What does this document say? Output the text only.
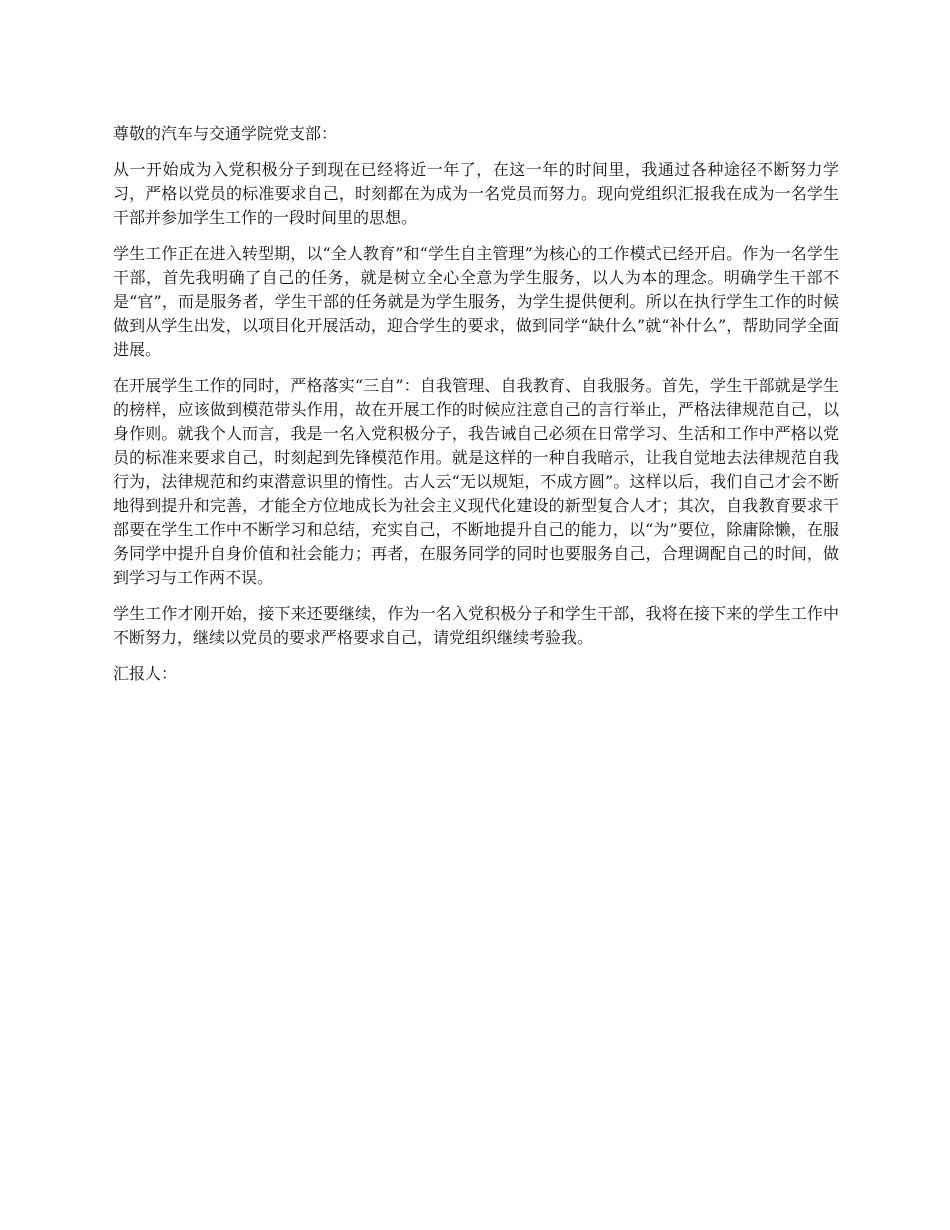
尊敬的汽车与交通学院党支部：

从一开始成为入党积极分子到现在已经将近一年了，在这一年的时间里，我通过各种途径不断努力学习，严格以党员的标准要求自己，时刻都在为成为一名党员而努力。现向党组织汇报我在成为一名学生干部并参加学生工作的一段时间里的思想。

学生工作正在进入转型期，以“全人教育”和“学生自主管理”为核心的工作模式已经开启。作为一名学生干部，首先我明确了自己的任务，就是树立全心全意为学生服务，以人为本的理念。明确学生干部不是“官”，而是服务者，学生干部的任务就是为学生服务，为学生提供便利。所以在执行学生工作的时候做到从学生出发，以项目化开展活动，迎合学生的要求，做到同学“缺什么”就“补什么”，帮助同学全面进展。

在开展学生工作的同时，严格落实“三自”：自我管理、自我教育、自我服务。首先，学生干部就是学生的榜样，应该做到模范带头作用，故在开展工作的时候应注意自己的言行举止，严格法律规范自己，以身作则。就我个人而言，我是一名入党积极分子，我告诫自己必须在日常学习、生活和工作中严格以党员的标准来要求自己，时刻起到先锋模范作用。就是这样的一种自我暗示，让我自觉地去法律规范自我行为，法律规范和约束潜意识里的惰性。古人云“无以规矩，不成方圆”。这样以后，我们自己才会不断地得到提升和完善，才能全方位地成长为社会主义现代化建设的新型复合人才；其次，自我教育要求干部要在学生工作中不断学习和总结，充实自己，不断地提升自己的能力，以“为”要位，除庸除懒，在服务同学中提升自身价值和社会能力；再者，在服务同学的同时也要服务自己，合理调配自己的时间，做到学习与工作两不误。

学生工作才刚开始，接下来还要继续，作为一名入党积极分子和学生干部，我将在接下来的学生工作中不断努力，继续以党员的要求严格要求自己，请党组织继续考验我。

汇报人：
